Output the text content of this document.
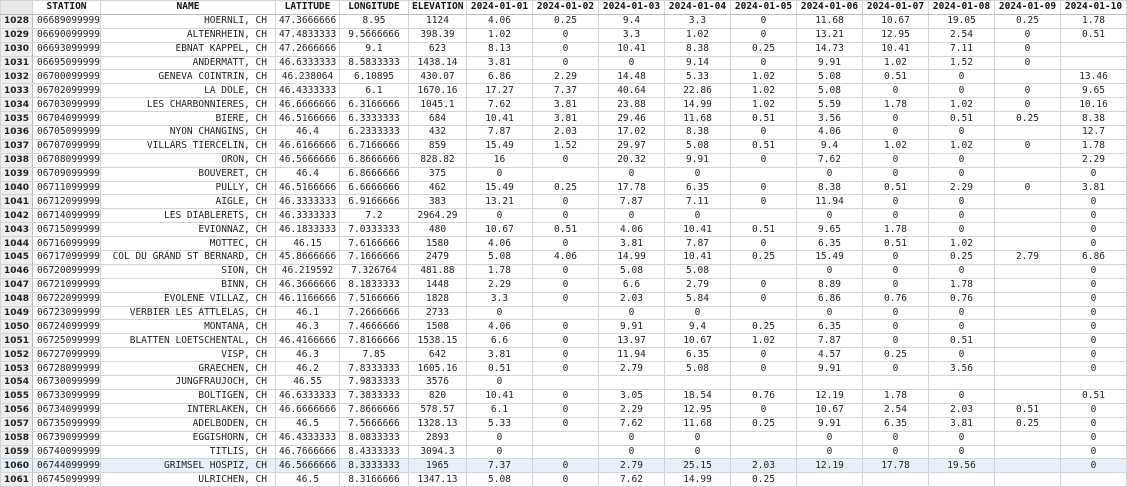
	STATION	NAME	LATITUDE	LONGITUDE	ELEVATION	2024-01-01	2024-01-02	2024-01-03	2024-01-04	2024-01-05	2024-01-06	2024-01-07	2024-01-08	2024-01-09	2024-01-10
1028	06689099999	HOERNLI, CH	47.3666666	8.95	1124	4.06	0.25	9.4	3.3	0	11.68	10.67	19.05	0.25	1.78
1029	06690099999	ALTENRHEIN, CH	47.4833333	9.5666666	398.39	1.02	0	3.3	1.02	0	13.21	12.95	2.54	0	0.51
1030	06693099999	EBNAT KAPPEL, CH	47.2666666	9.1	623	8.13	0	10.41	8.38	0.25	14.73	10.41	7.11	0	
1031	06695099999	ANDERMATT, CH	46.6333333	8.5833333	1438.14	3.81	0	0	9.14	0	9.91	1.02	1.52	0	
1032	06700099999	GENEVA COINTRIN, CH	46.238064	6.10895	430.07	6.86	2.29	14.48	5.33	1.02	5.08	0.51	0		13.46
1033	06702099999	LA DOLE, CH	46.4333333	6.1	1670.16	17.27	7.37	40.64	22.86	1.02	5.08	0	0	0	9.65
1034	06703099999	LES CHARBONNIERES, CH	46.6666666	6.3166666	1045.1	7.62	3.81	23.88	14.99	1.02	5.59	1.78	1.02	0	10.16
1035	06704099999	BIERE, CH	46.5166666	6.3333333	684	10.41	3.81	29.46	11.68	0.51	3.56	0	0.51	0.25	8.38
1036	06705099999	NYON CHANGINS, CH	46.4	6.2333333	432	7.87	2.03	17.02	8.38	0	4.06	0	0		12.7
1037	06707099999	VILLARS TIERCELIN, CH	46.6166666	6.7166666	859	15.49	1.52	29.97	5.08	0.51	9.4	1.02	1.02	0	1.78
1038	06708099999	ORON, CH	46.5666666	6.8666666	828.82	16	0	20.32	9.91	0	7.62	0	0		2.29
1039	06709099999	BOUVERET, CH	46.4	6.8666666	375	0		0	0		0	0	0		0
1040	06711099999	PULLY, CH	46.5166666	6.6666666	462	15.49	0.25	17.78	6.35	0	8.38	0.51	2.29	0	3.81
1041	06712099999	AIGLE, CH	46.3333333	6.9166666	383	13.21	0	7.87	7.11	0	11.94	0	0		0
1042	06714099999	LES DIABLERETS, CH	46.3333333	7.2	2964.29	0	0	0	0		0	0	0		0
1043	06715099999	EVIONNAZ, CH	46.1833333	7.0333333	480	10.67	0.51	4.06	10.41	0.51	9.65	1.78	0		0
1044	06716099999	MOTTEC, CH	46.15	7.6166666	1580	4.06	0	3.81	7.87	0	6.35	0.51	1.02		0
1045	06717099999	COL DU GRAND ST BERNARD, CH	45.8666666	7.1666666	2479	5.08	4.06	14.99	10.41	0.25	15.49	0	0.25	2.79	6.86
1046	06720099999	SION, CH	46.219592	7.326764	481.88	1.78	0	5.08	5.08		0	0	0		0
1047	06721099999	BINN, CH	46.3666666	8.1833333	1448	2.29	0	6.6	2.79	0	8.89	0	1.78		0
1048	06722099999	EVOLENE VILLAZ, CH	46.1166666	7.5166666	1828	3.3	0	2.03	5.84	0	6.86	0.76	0.76		0
1049	06723099999	VERBIER LES ATTLELAS, CH	46.1	7.2666666	2733	0		0	0		0	0	0		0
1050	06724099999	MONTANA, CH	46.3	7.4666666	1508	4.06	0	9.91	9.4	0.25	6.35	0	0		0
1051	06725099999	BLATTEN LOETSCHENTAL, CH	46.4166666	7.8166666	1538.15	6.6	0	13.97	10.67	1.02	7.87	0	0.51		0
1052	06727099999	VISP, CH	46.3	7.85	642	3.81	0	11.94	6.35	0	4.57	0.25	0		0
1053	06728099999	GRAECHEN, CH	46.2	7.8333333	1605.16	0.51	0	2.79	5.08	0	9.91	0	3.56		0
1054	06730099999	JUNGFRAUJOCH, CH	46.55	7.9833333	3576	0									
1055	06733099999	BOLTIGEN, CH	46.6333333	7.3833333	820	10.41	0	3.05	18.54	0.76	12.19	1.78	0		0.51
1056	06734099999	INTERLAKEN, CH	46.6666666	7.8666666	578.57	6.1	0	2.29	12.95	0	10.67	2.54	2.03	0.51	0
1057	06735099999	ADELBODEN, CH	46.5	7.5666666	1328.13	5.33	0	7.62	11.68	0.25	9.91	6.35	3.81	0.25	0
1058	06739099999	EGGISHORN, CH	46.4333333	8.0833333	2893	0		0	0		0	0	0		0
1059	06740099999	TITLIS, CH	46.7666666	8.4333333	3094.3	0		0	0		0	0	0		0
1060	06744099999	GRIMSEL HOSPIZ, CH	46.5666666	8.3333333	1965	7.37	0	2.79	25.15	2.03	12.19	17.78	19.56		0
1061	06745099999	ULRICHEN, CH	46.5	8.3166666	1347.13	5.08	0	7.62	14.99	0.25					
